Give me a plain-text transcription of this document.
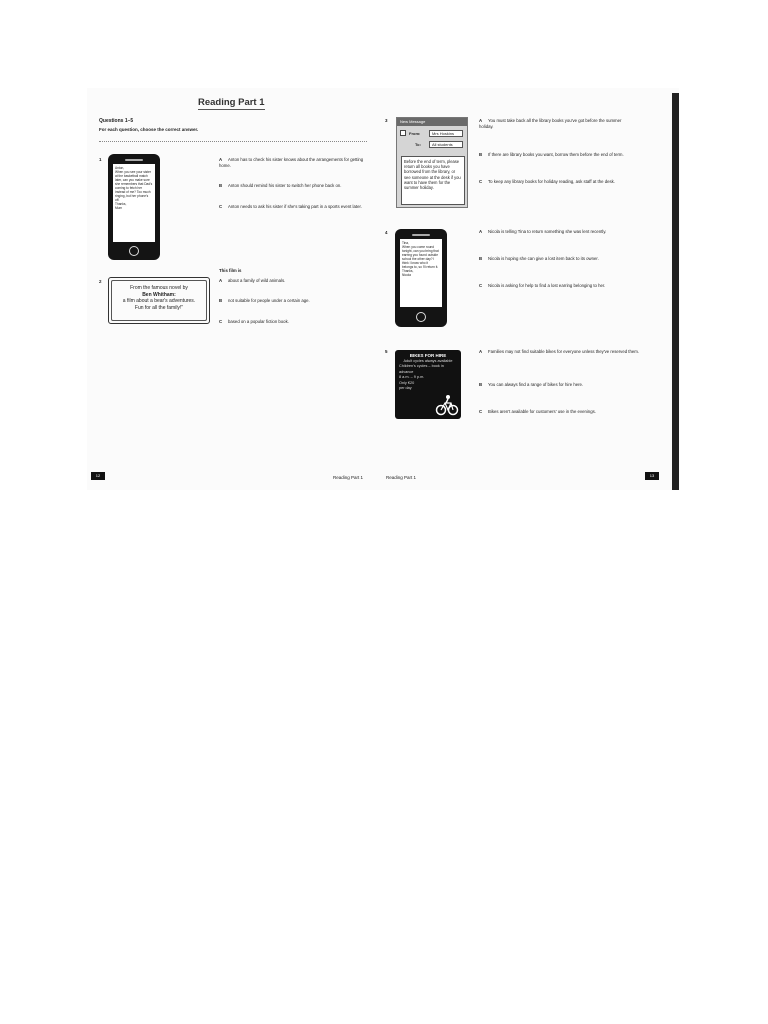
Reading Part 1
Questions 1–5
For each question, choose the correct answer.
1
Anton,
When you see your sister at the basketball match later, can you make sure she remembers that Dad's coming to fetch her instead of me? Too much ringing, but her phone's off.
Thanks,
Mum
A Anton has to check his sister knows about the arrangements for getting home.
B Anton should remind his sister to switch her phone back on.
C Anton needs to ask his sister if she's taking part in a sports event later.
2
From the famous novel by
Ben Whitham:
a film about a bear's adventures.
Fun for all the family!"
This film is
A about a family of wild animals.
B not suitable for people under a certain age.
C based on a popular fiction book.
12	Reading Part 1
3	New Message
From:	Mrs Hoskins
To:	All students
Before the end of term, please return all books you have borrowed from the library, or see someone at the desk if you want to have them for the summer holiday.
A You must take back all the library books you've got before the summer holiday.
B If there are library books you want, borrow them before the end of term.
C To keep any library books for holiday reading, ask staff at the desk.
4
Tina,
When you come round tonight, can you bring that earring you found outside school the other day? I think I know who it belongs to, so I'll return it.
Thanks,
Nicola
A Nicola is telling Tina to return something she was lent recently.
B Nicola is hoping she can give a lost item back to its owner.
C Nicola is asking for help to find a lost earring belonging to her.
5
BIKES FOR HIRE
Adult cycles always available
Children's cycles – book in advance
8 a.m. – 9 p.m.
Only €20
per day
A Families may not find suitable bikes for everyone unless they've reserved them.
B You can always find a range of bikes for hire here.
C Bikes aren't available for customers' use in the evenings.
Reading Part 1	13
